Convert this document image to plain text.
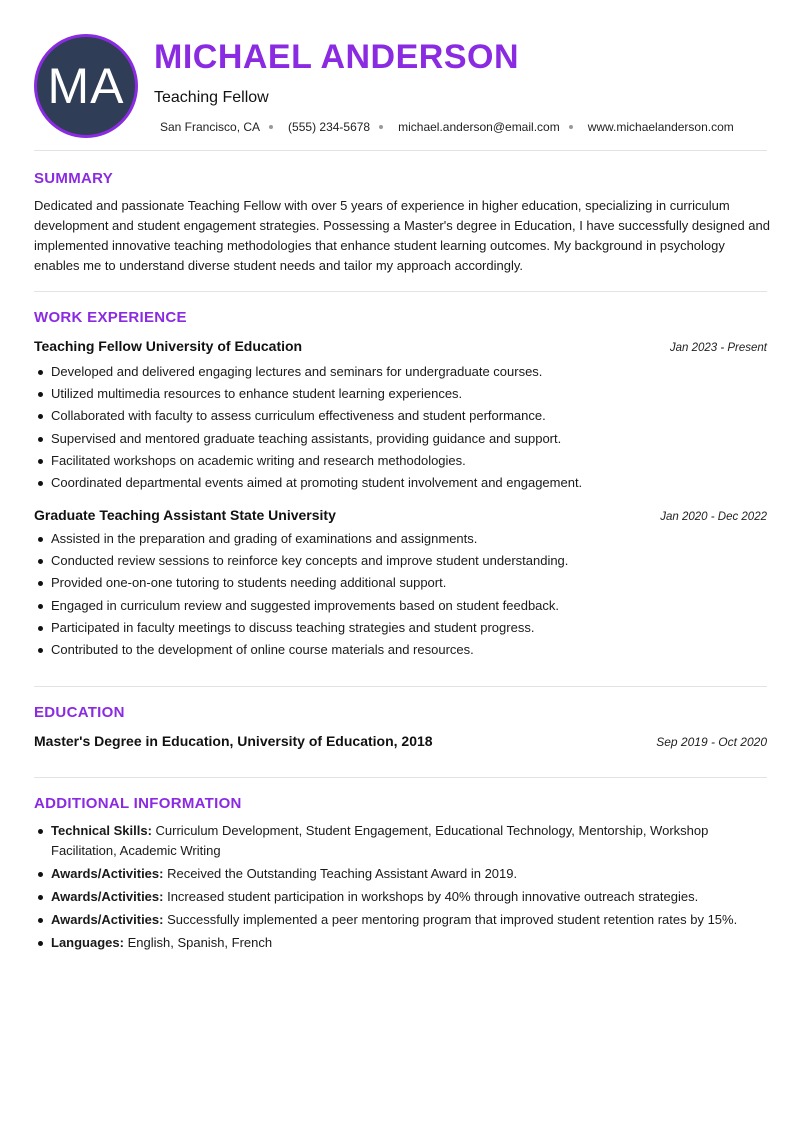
MA
MICHAEL ANDERSON
Teaching Fellow
San Francisco, CA (555) 234-5678 michael.anderson@email.com www.michaelanderson.com
SUMMARY

Dedicated and passionate Teaching Fellow with over 5 years of experience in higher education, specializing in curriculum development and student engagement strategies. Possessing a Master's degree in Education, I have successfully designed and implemented innovative teaching methodologies that enhance student learning outcomes. My background in psychology enables me to understand diverse student needs and tailor my approach accordingly.

WORK EXPERIENCE
Teaching Fellow University of Education	Jan 2023 - Present
Developed and delivered engaging lectures and seminars for undergraduate courses.
Utilized multimedia resources to enhance student learning experiences.
Collaborated with faculty to assess curriculum effectiveness and student performance.
Supervised and mentored graduate teaching assistants, providing guidance and support.
Facilitated workshops on academic writing and research methodologies.
Coordinated departmental events aimed at promoting student involvement and engagement.
Graduate Teaching Assistant State University	Jan 2020 - Dec 2022
Assisted in the preparation and grading of examinations and assignments.
Conducted review sessions to reinforce key concepts and improve student understanding.
Provided one-on-one tutoring to students needing additional support.
Engaged in curriculum review and suggested improvements based on student feedback.
Participated in faculty meetings to discuss teaching strategies and student progress.
Contributed to the development of online course materials and resources.
EDUCATION
Master's Degree in Education, University of Education, 2018	Sep 2019 - Oct 2020
ADDITIONAL INFORMATION
Technical Skills: Curriculum Development, Student Engagement, Educational Technology, Mentorship, Workshop Facilitation, Academic Writing
Awards/Activities: Received the Outstanding Teaching Assistant Award in 2019.
Awards/Activities: Increased student participation in workshops by 40% through innovative outreach strategies.
Awards/Activities: Successfully implemented a peer mentoring program that improved student retention rates by 15%.
Languages: English, Spanish, French
